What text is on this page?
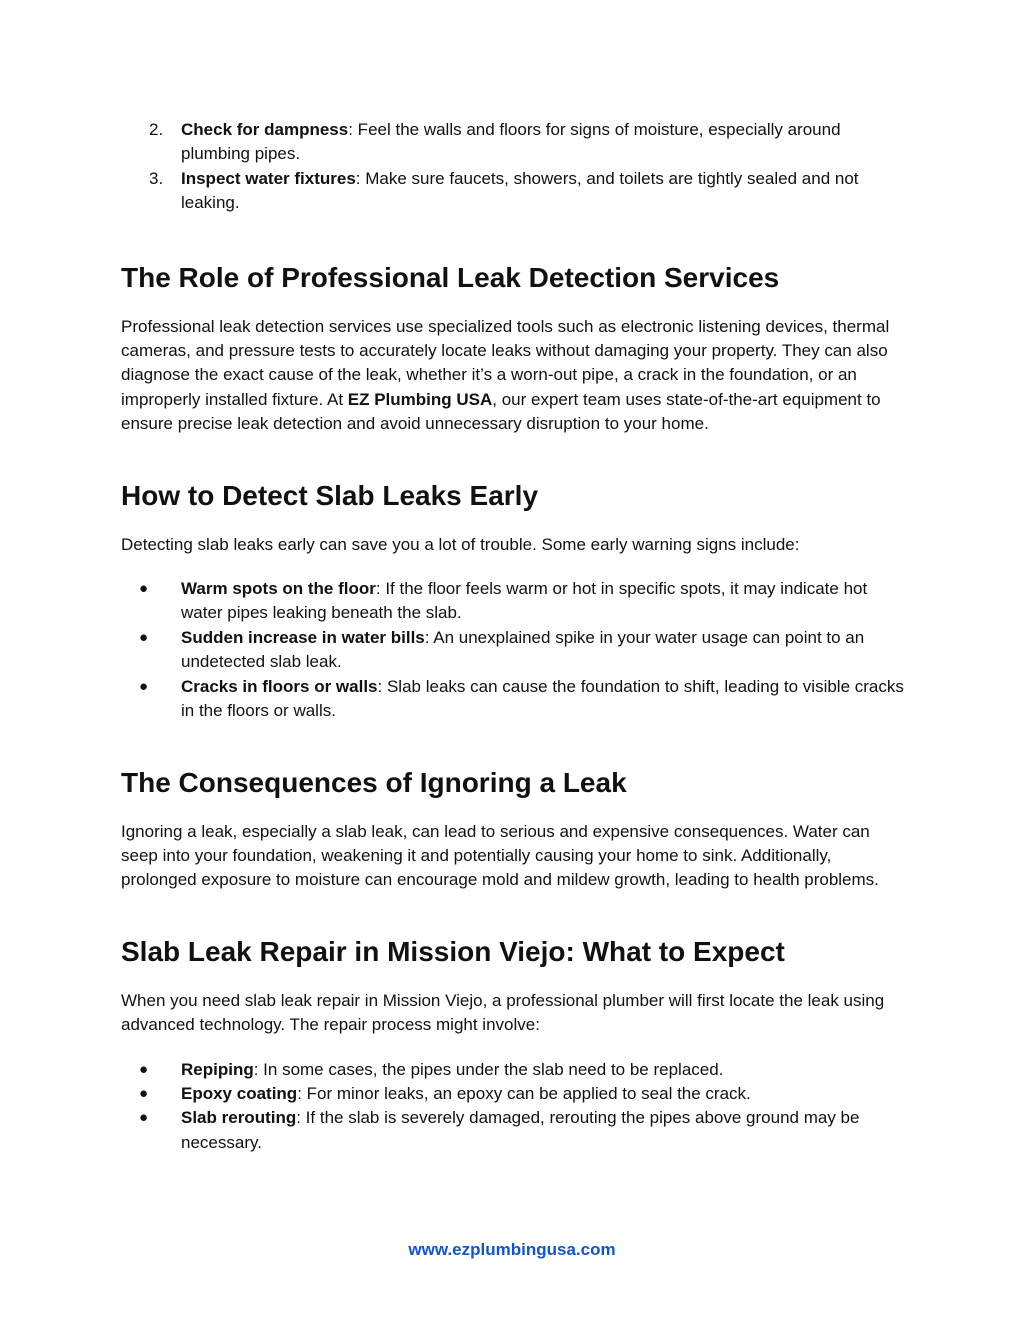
2. Check for dampness: Feel the walls and floors for signs of moisture, especially around plumbing pipes.
3. Inspect water fixtures: Make sure faucets, showers, and toilets are tightly sealed and not leaking.
The Role of Professional Leak Detection Services

Professional leak detection services use specialized tools such as electronic listening devices, thermal cameras, and pressure tests to accurately locate leaks without damaging your property. They can also diagnose the exact cause of the leak, whether it’s a worn-out pipe, a crack in the foundation, or an improperly installed fixture. At EZ Plumbing USA, our expert team uses state-of-the-art equipment to ensure precise leak detection and avoid unnecessary disruption to your home.

How to Detect Slab Leaks Early

Detecting slab leaks early can save you a lot of trouble. Some early warning signs include:

● Warm spots on the floor: If the floor feels warm or hot in specific spots, it may indicate hot water pipes leaking beneath the slab.
● Sudden increase in water bills: An unexplained spike in your water usage can point to an undetected slab leak.
● Cracks in floors or walls: Slab leaks can cause the foundation to shift, leading to visible cracks in the floors or walls.
The Consequences of Ignoring a Leak

Ignoring a leak, especially a slab leak, can lead to serious and expensive consequences. Water can seep into your foundation, weakening it and potentially causing your home to sink. Additionally, prolonged exposure to moisture can encourage mold and mildew growth, leading to health problems.

Slab Leak Repair in Mission Viejo: What to Expect

When you need slab leak repair in Mission Viejo, a professional plumber will first locate the leak using advanced technology. The repair process might involve:

● Repiping: In some cases, the pipes under the slab need to be replaced.
● Epoxy coating: For minor leaks, an epoxy can be applied to seal the crack.
● Slab rerouting: If the slab is severely damaged, rerouting the pipes above ground may be necessary.
www.ezplumbingusa.com
